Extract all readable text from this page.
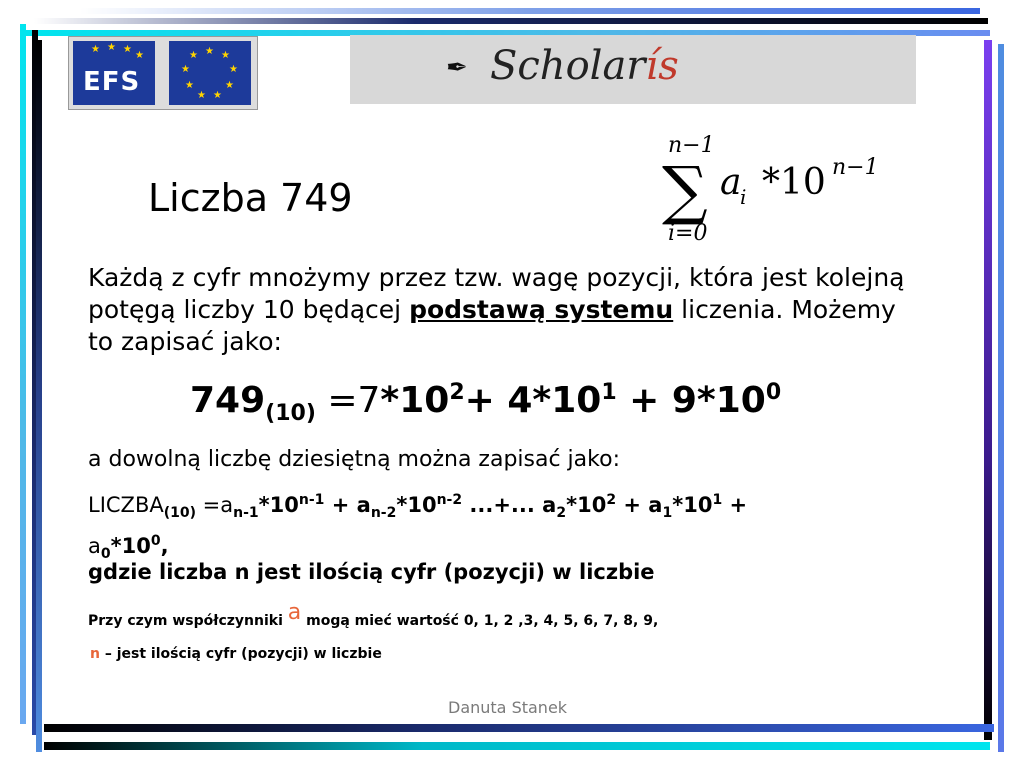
★ ★ ★
★
EFS
★ ★
★
★
★
★
★
★
★	✒ Scholarís
Liczba 749
n−1
∑
i=0
a
i *10 n−1
Każdą z cyfr mnożymy przez tzw. wagę pozycji, która jest kolejną potęgą liczby 10 będącej podstawą systemu liczenia. Możemy to zapisać jako:
$749_{(10)} =7*10^2+ 4*10^1 + 9*10^0$
a dowolną liczbę dziesiętną można zapisać jako:
$LICZBA_{(10)} =a_{n-1}*10^{n-1} + a_{n-2}*10^{n-2}$ ...+... $a_2*10^2 + a_1*10^1$ +
$a_0*10^0$,
gdzie liczba n jest ilością cyfr (pozycji) w liczbie
Przy czym współczynniki a mogą mieć wartość 0, 1, 2 ,3, 4, 5, 6, 7, 8, 9,
n – jest ilością cyfr (pozycji) w liczbie
Danuta Stanek
